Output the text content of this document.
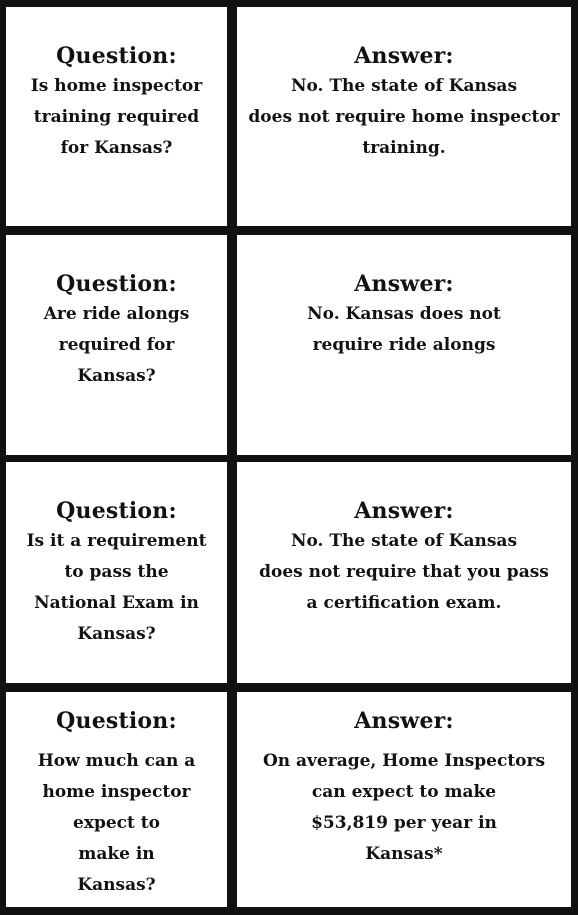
Question:
Is home inspector
training required
for Kansas?
Answer:
No. The state of Kansas
does not require home inspector
training.
Question:
Are ride alongs
required for
Kansas?
Answer:
No. Kansas does not
require ride alongs
Question:
Is it a requirement
to pass the
National Exam in
Kansas?
Answer:
No. The state of Kansas
does not require that you pass
a certification exam.
Question:
How much can a
home inspector
expect to
make in
Kansas?
Answer:
On average, Home Inspectors
can expect to make
$53,819 per year in
Kansas*
